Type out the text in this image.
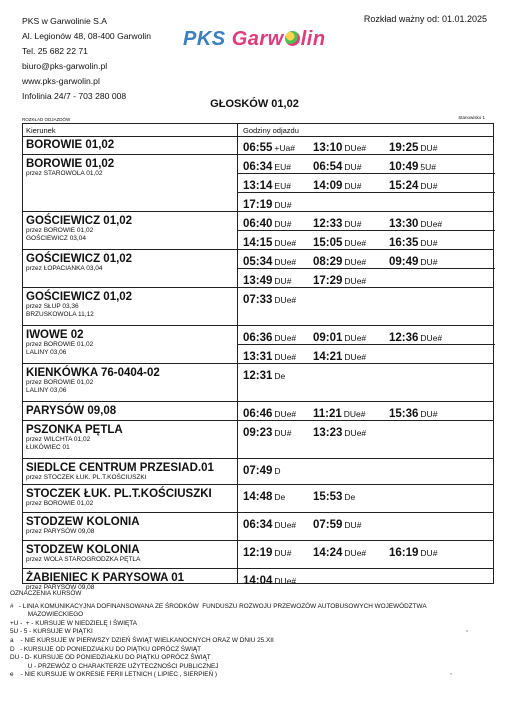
PKS w Garwolinie S.A
Al. Legionów 48, 08-400 Garwolin
Tel. 25 682 22 71
biuro@pks-garwolin.pl
www.pks-garwolin.pl
Infolinia 24/7 - 703 280 008
Rozkład ważny od: 01.01.2025
PKS Garw lin
GŁOSKÓW 01,02
ROZKŁAD ODJAZDÓW	Stanowisko 1
Kierunek	Godziny odjazdu
BOROWIE 01,02	06:55 +Ua# 13:10 DUe# 19:25 DU#
BOROWIE 01,02
przez STAROWOLA 01,02
06:34 EU# 06:54 DU# 10:49 5U#
13:14 EU# 14:09 DU# 15:24 DU#
17:19 DU#
GOŚCIEWICZ 01,02
przez BOROWIE 01,02
GOŚCIEWICZ 03,04
06:40 DU# 12:33 DU# 13:30 DUe#
14:15 DUe# 15:05 DUe# 16:35 DU#
GOŚCIEWICZ 01,02
przez ŁOPACIANKA 03,04
05:34 DUe# 08:29 DUe# 09:49 DU#
13:49 DU# 17:29 DUe#
GOŚCIEWICZ 01,02
przez SŁUP 03,36
BRZUSKOWOLA 11,12
07:33 DUe#
IWOWE 02
przez BOROWIE 01,02
LALINY 03,06
06:36 DUe# 09:01 DUe# 12:36 DUe#
13:31 DUe# 14:21 DUe#
KIENKÓWKA 76-0404-02
przez BOROWIE 01,02
LALINY 03,06
12:31 De
PARYSÓW 09,08	06:46 DUe# 11:21 DUe# 15:36 DU#
PSZONKA PĘTLA
przez WILCHTA 01,02
ŁUKÓWIEC 01
09:23 DU# 13:23 DUe#
SIEDLCE CENTRUM PRZESIAD.01
przez STOCZEK ŁUK. PL.T.KOŚCIUSZKI
07:49 D
STOCZEK ŁUK. PL.T.KOŚCIUSZKI
przez BOROWIE 01,02
14:48 De 15:53 De
STODZEW KOLONIA
przez PARYSÓW 09,08
06:34 DUe# 07:59 DU#
STODZEW KOLONIA
przez WOLA STAROGRODZKA PĘTLA
12:19 DU# 14:24 DUe# 16:19 DU#
ŻABIENIEC K PARYSOWA 01
przez PARYSÓW 09,08
14:04 DUe#
OZNACZENIA KURSÓW
#   - LINIA KOMUNIKACYJNA DOFINANSOWANA ZE ŚRODKÓW  FUNDUSZU ROZWOJU PRZEWOZÓW AUTOBUSOWYCH WOJEWÓDZTWA
MAZOWIECKIEGO
+U -  + - KURSUJE W NIEDZIELĘ I ŚWIĘTA
5U - 5 - KURSUJE W PIĄTKI
a    - NIE KURSUJE W PIERWSZY DZIEŃ ŚWIĄT WIELKANOCNYCH ORAZ W DNIU 25.XII
D   - KURSUJE OD PONIEDZIAŁKU DO PIĄTKU OPRÓCZ ŚWIĄT
DU - D- KURSUJE OD PONIEDZIAŁKU DO PIĄTKU OPRÓCZ ŚWIĄT
U - PRZEWÓZ O CHARAKTERZE UŻYTECZNOŚCI PUBLICZNEJ
e    - NIE KURSUJE W OKRESIE FERII LETNICH ( LIPIEC , SIERPIEŃ )
,
,
